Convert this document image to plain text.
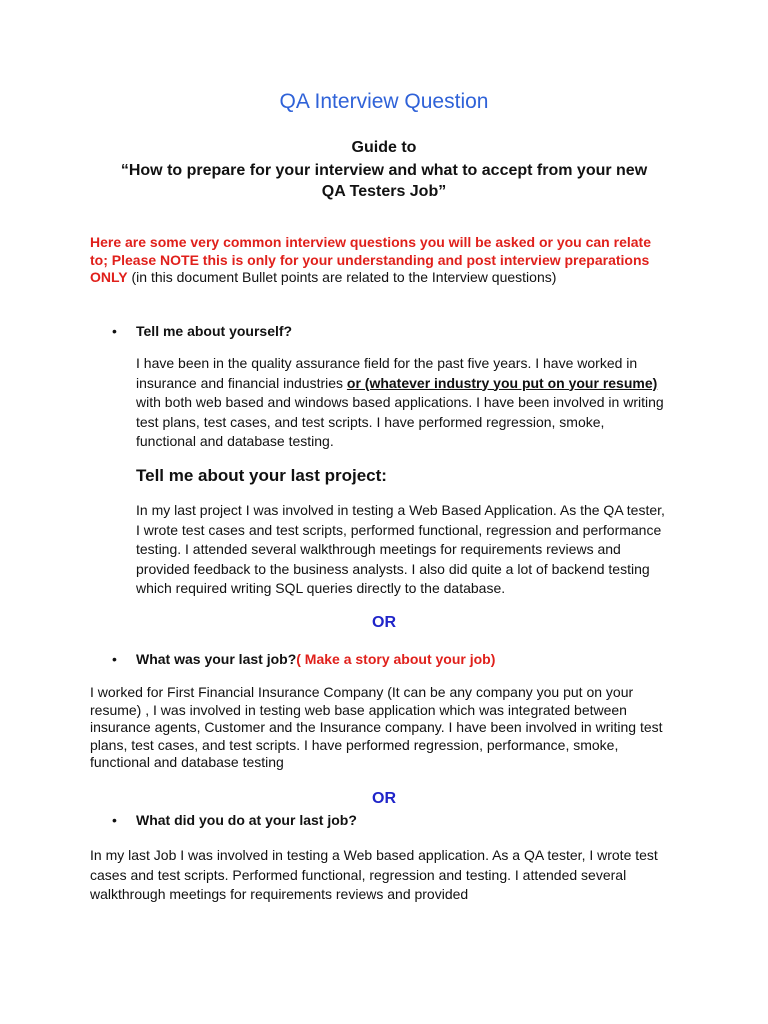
QA Interview Question
Guide to
“How to prepare for your interview and what to accept from your new
QA Testers Job”
Here are some very common interview questions you will be asked or you can relate to; Please NOTE this is only for your understanding and post interview preparations ONLY (in this document Bullet points are related to the Interview questions)
• Tell me about yourself?
I have been in the quality assurance field for the past five years. I have worked in insurance and financial industries or (whatever industry you put on your resume) with both web based and windows based applications. I have been involved in writing test plans, test cases, and test scripts. I have performed regression, smoke, functional and database testing.
Tell me about your last project:
In my last project I was involved in testing a Web Based Application. As the QA tester, I wrote test cases and test scripts, performed functional, regression and performance testing. I attended several walkthrough meetings for requirements reviews and provided feedback to the business analysts. I also did quite a lot of backend testing which required writing SQL queries directly to the database.
OR
• What was your last job?( Make a story about your job)
I worked for First Financial Insurance Company (It can be any company you put on your resume) , I was involved in testing web base application which was integrated between insurance agents, Customer and the Insurance company. I have been involved in writing test plans, test cases, and test scripts. I have performed regression, performance, smoke, functional and database testing
OR
• What did you do at your last job?
In my last Job I was involved in testing a Web based application. As a QA tester, I wrote test cases and test scripts. Performed functional, regression and testing. I attended several walkthrough meetings for requirements reviews and provided
